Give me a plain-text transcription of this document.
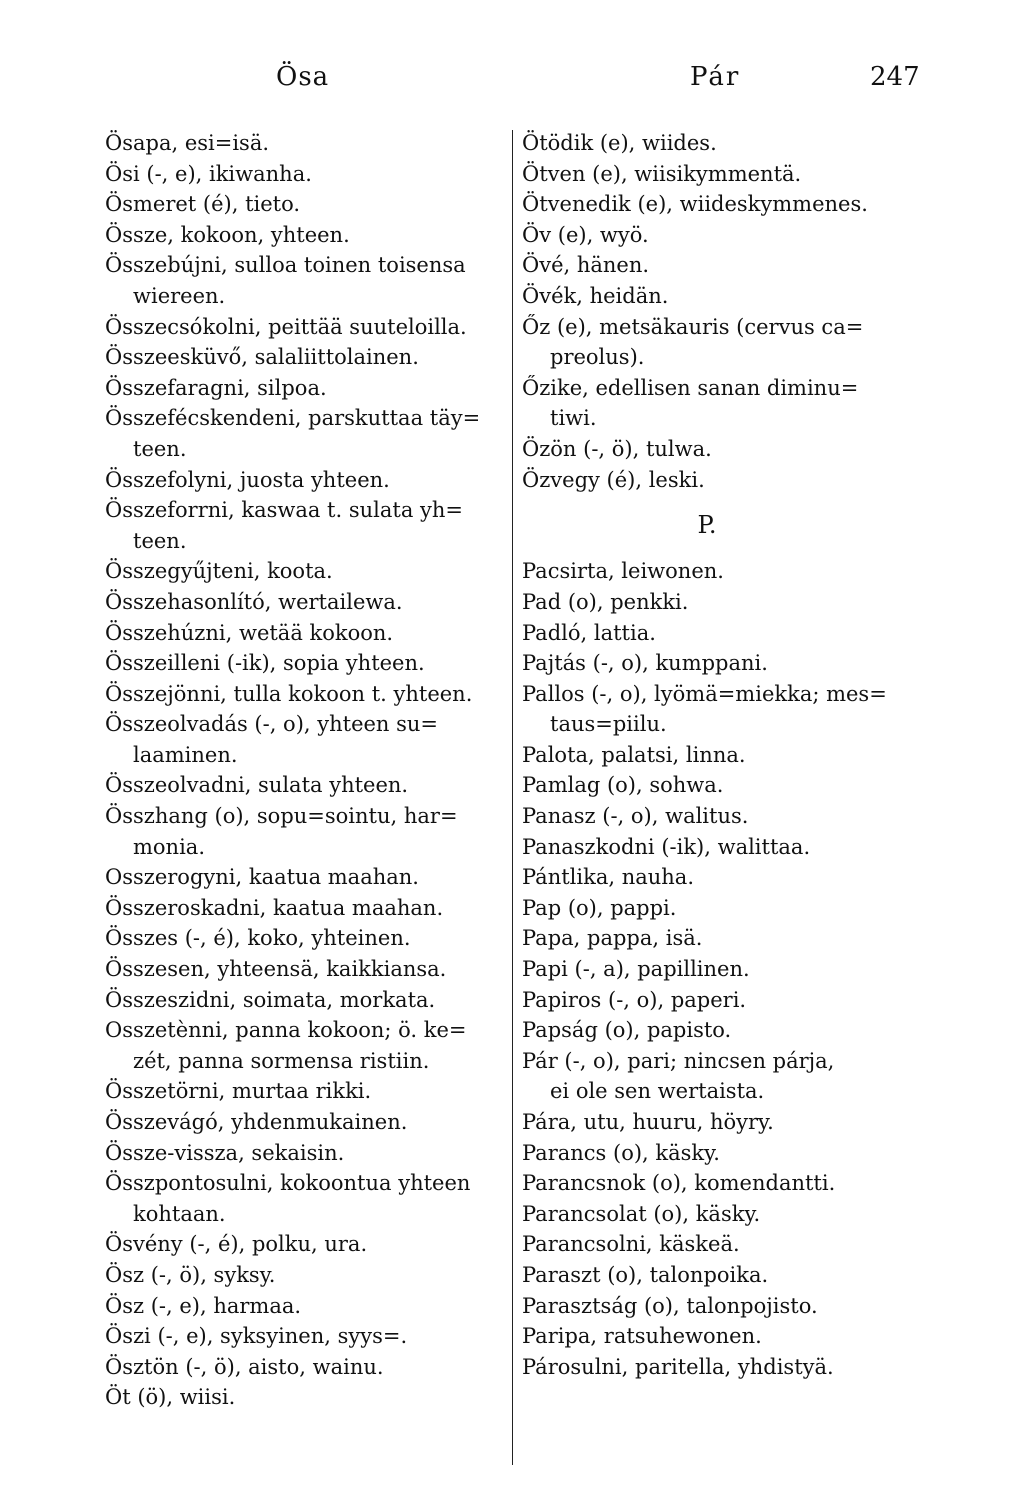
Ösa	Pár	247
Ösapa, esi=isä.
Ösi (-, e), ikiwanha.
Ösmeret (é), tieto.
Össze, kokoon, yhteen.
Összebújni, sulloa toinen toisensa
wiereen.
Összecsókolni, peittää suuteloilla.
Összeesküvő, salaliittolainen.
Összefaragni, silpoa.
Összefécskendeni, parskuttaa täy=
teen.
Összefolyni, juosta yhteen.
Összeforrni, kaswaa t. sulata yh=
teen.
Összegyűjteni, koota.
Összehasonlító, wertailewa.
Összehúzni, wetää kokoon.
Összeilleni (-ik), sopia yhteen.
Összejönni, tulla kokoon t. yhteen.
Összeolvadás (-, o), yhteen su=
laaminen.
Összeolvadni, sulata yhteen.
Összhang (o), sopu=sointu, har=
monia.
Osszerogyni, kaatua maahan.
Összeroskadni, kaatua maahan.
Összes (-, é), koko, yhteinen.
Összesen, yhteensä, kaikkiansa.
Összeszidni, soimata, morkata.
Osszetènni, panna kokoon; ö. ke=
zét, panna sormensa ristiin.
Összetörni, murtaa rikki.
Összevágó, yhdenmukainen.
Össze-vissza, sekaisin.
Összpontosulni, kokoontua yhteen
kohtaan.
Ösvény (-, é), polku, ura.
Ösz (-, ö), syksy.
Ösz (-, e), harmaa.
Öszi (-, e), syksyinen, syys=.
Ösztön (-, ö), aisto, wainu.
Öt (ö), wiisi.
Ötödik (e), wiides.
Ötven (e), wiisikymmentä.
Ötvenedik (e), wiideskymmenes.
Öv (e), wyö.
Övé, hänen.
Övék, heidän.
Őz (e), metsäkauris (cervus ca=
preolus).
Őzike, edellisen sanan diminu=
tiwi.
Özön (-, ö), tulwa.
Özvegy (é), leski.
P.
Pacsirta, leiwonen.
Pad (o), penkki.
Padló, lattia.
Pajtás (-, o), kumppani.
Pallos (-, o), lyömä=miekka; mes=
taus=piilu.
Palota, palatsi, linna.
Pamlag (o), sohwa.
Panasz (-, o), walitus.
Panaszkodni (-ik), walittaa.
Pántlika, nauha.
Pap (o), pappi.
Papa, pappa, isä.
Papi (-, a), papillinen.
Papiros (-, o), paperi.
Papság (o), papisto.
Pár (-, o), pari; nincsen párja,
ei ole sen wertaista.
Pára, utu, huuru, höyry.
Parancs (o), käsky.
Parancsnok (o), komendantti.
Parancsolat (o), käsky.
Parancsolni, käskeä.
Paraszt (o), talonpoika.
Parasztság (o), talonpojisto.
Paripa, ratsuhewonen.
Párosulni, paritella, yhdistyä.
